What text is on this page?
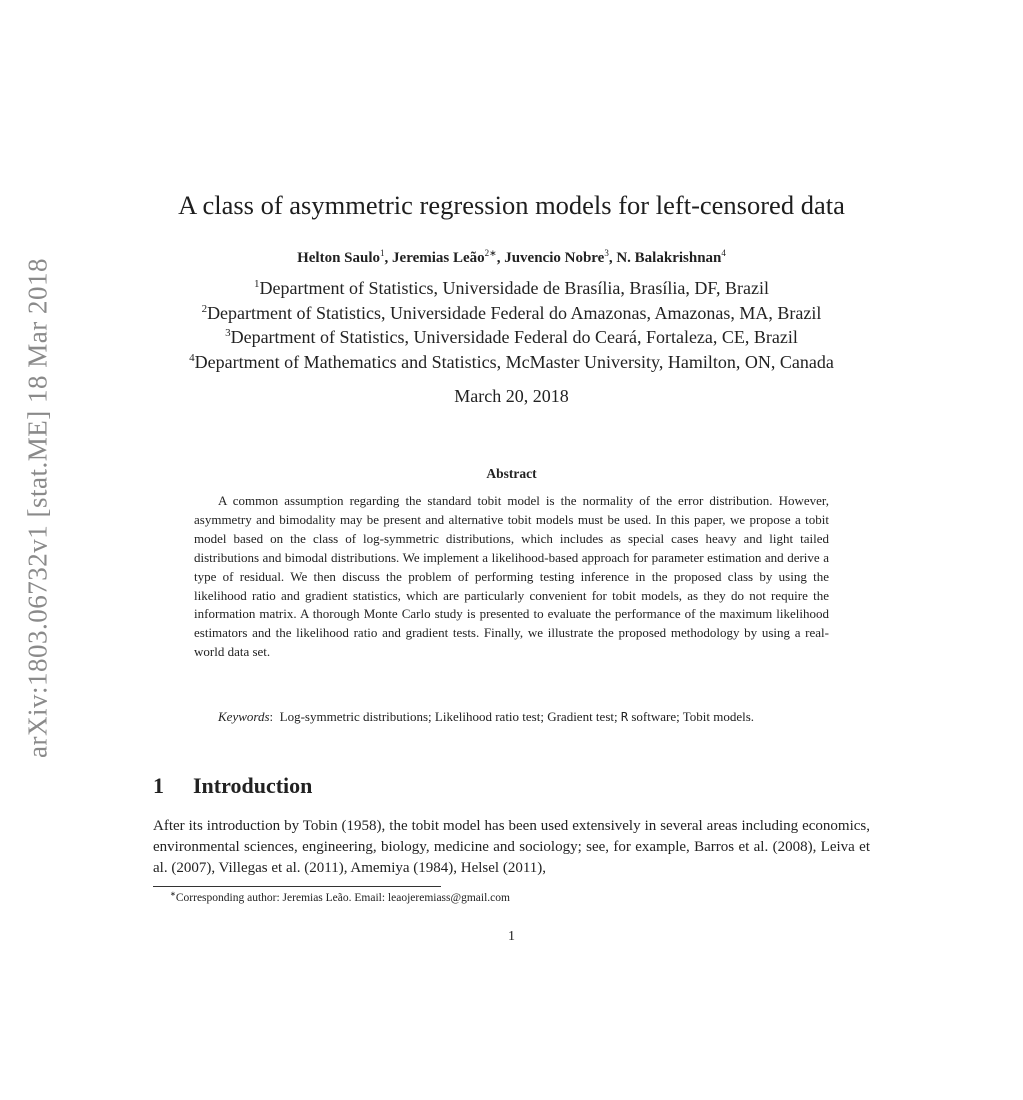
arXiv:1803.06732v1 [stat.ME] 18 Mar 2018
A class of asymmetric regression models for left-censored data
Helton Saulo$^1$, Jeremias Leão$^{2∗}$, Juvencio Nobre$^3$, N. Balakrishnan$^4$
$^1$Department of Statistics, Universidade de Brasília, Brasília, DF, Brazil
$^2$Department of Statistics, Universidade Federal do Amazonas, Amazonas, MA, Brazil
$^3$Department of Statistics, Universidade Federal do Ceará, Fortaleza, CE, Brazil
$^4$Department of Mathematics and Statistics, McMaster University, Hamilton, ON, Canada
March 20, 2018
Abstract
A common assumption regarding the standard tobit model is the normality of the error distribution. However, asymmetry and bimodality may be present and alternative tobit models must be used. In this paper, we propose a tobit model based on the class of log-symmetric distributions, which includes as special cases heavy and light tailed distributions and bimodal distributions. We implement a likelihood-based approach for parameter estimation and derive a type of residual. We then discuss the problem of performing testing inference in the proposed class by using the likelihood ratio and gradient statistics, which are particularly convenient for tobit models, as they do not require the information matrix. A thorough Monte Carlo study is presented to evaluate the performance of the maximum likelihood estimators and the likelihood ratio and gradient tests. Finally, we illustrate the proposed methodology by using a real-world data set.
Keywords:  Log-symmetric distributions; Likelihood ratio test; Gradient test; R software; Tobit models.
1 Introduction
After its introduction by Tobin (1958), the tobit model has been used extensively in several areas including economics, environmental sciences, engineering, biology, medicine and sociology; see, for example, Barros et al. (2008), Leiva et al. (2007), Villegas et al. (2011), Amemiya (1984), Helsel (2011),
∗Corresponding author: Jeremias Leão. Email: leaojeremiass@gmail.com
1
